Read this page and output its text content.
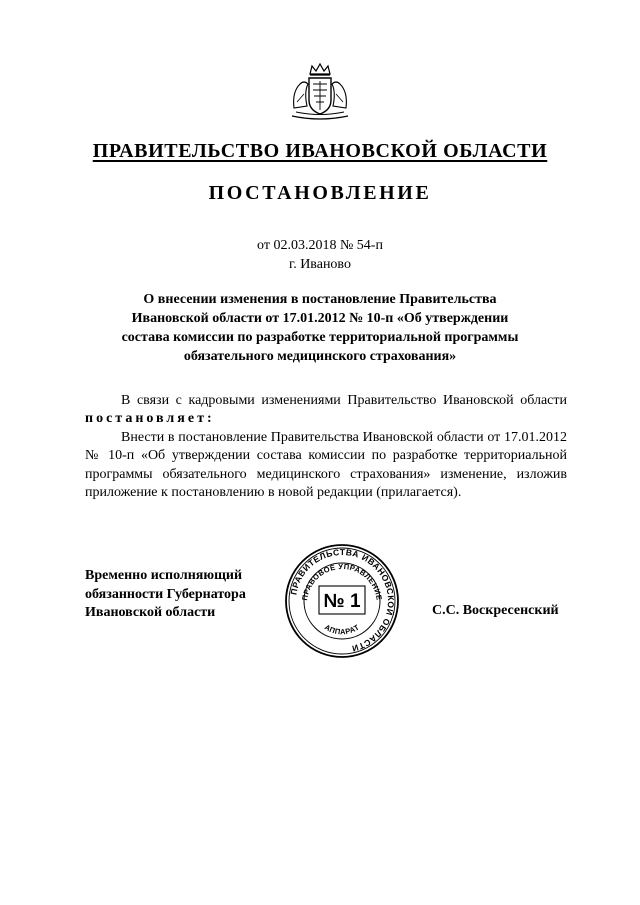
ПРАВИТЕЛЬСТВО ИВАНОВСКОЙ ОБЛАСТИ
ПОСТАНОВЛЕНИЕ
от 02.03.2018 № 54-п
г. Иваново
О внесении изменения в постановление Правительства
Ивановской области от 17.01.2012 № 10-п «Об утверждении
состава комиссии по разработке территориальной программы
обязательного медицинского страхования»

В связи с кадровыми изменениями Правительство Ивановской области постановляет:

Внести в постановление Правительства Ивановской области от 17.01.2012 № 10-п «Об утверждении состава комиссии по разработке территориальной программы обязательного медицинского страхования» изменение, изложив приложение к постановлению в новой редакции (прилагается).

Временно исполняющий
обязанности Губернатора
Ивановской области
ПРАВИТЕЛЬСТВА ИВАНОВСКОЙ ОБЛАСТИ
ПРАВОВОЕ УПРАВЛЕНИЕ
АППАРАТ
№ 1	С.С. Воскресенский
